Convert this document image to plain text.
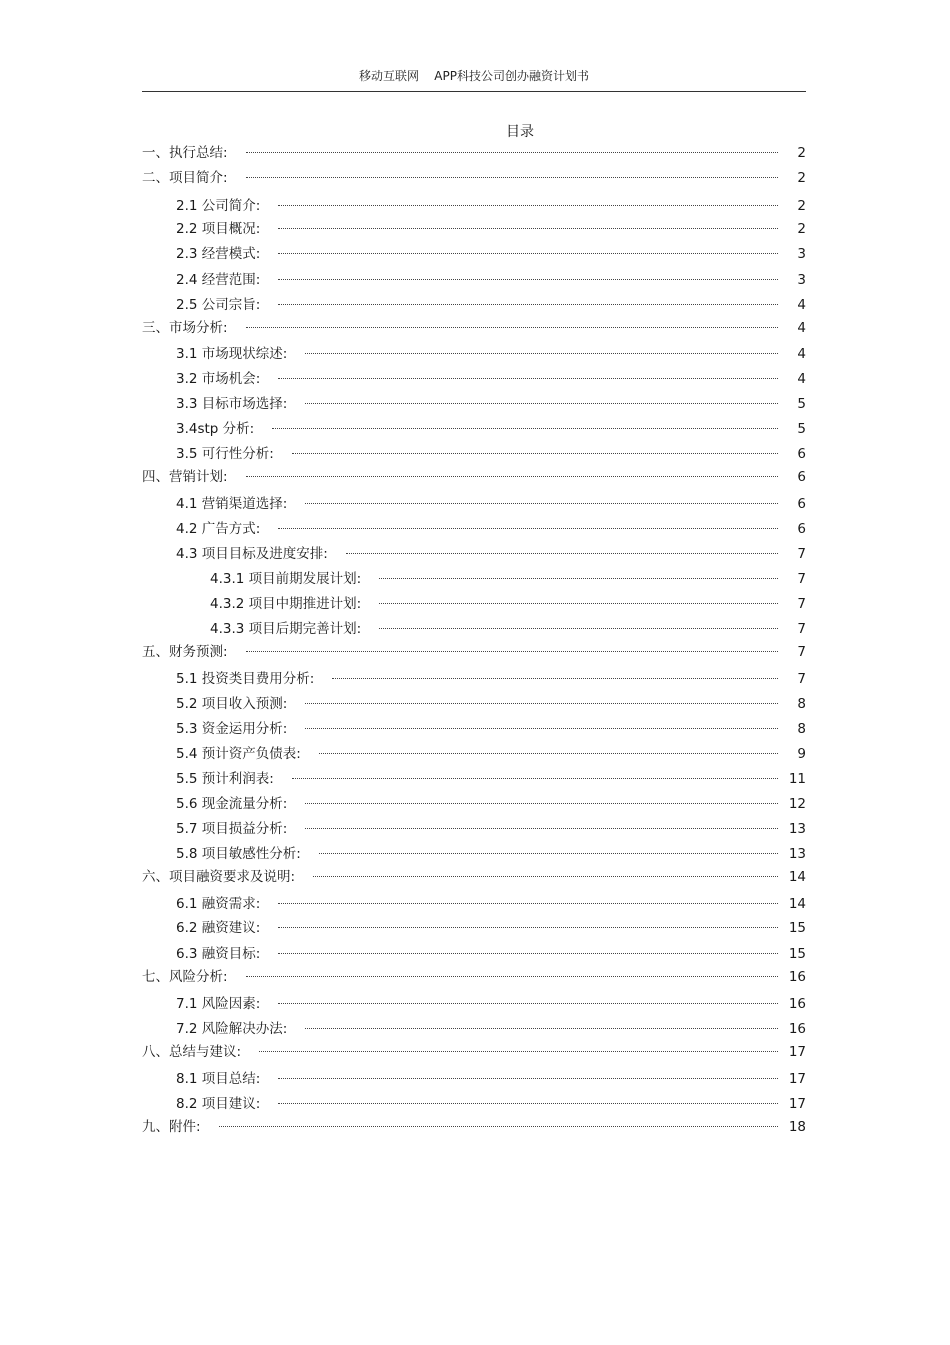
移动互联网    APP科技公司创办融资计划书
目录
一、执行总结:	2
二、项目简介:	2
2.1 公司简介:	2
2.2 项目概况:	2
2.3 经营模式:	3
2.4 经营范围:	3
2.5 公司宗旨:	4
三、市场分析:	4
3.1 市场现状综述:	4
3.2 市场机会:	4
3.3 目标市场选择:	5
3.4stp 分析:	5
3.5 可行性分析:	6
四、营销计划:	6
4.1 营销渠道选择:	6
4.2 广告方式:	6
4.3 项目目标及进度安排:	7
4.3.1 项目前期发展计划:	7
4.3.2 项目中期推进计划:	7
4.3.3 项目后期完善计划:	7
五、财务预测:	7
5.1 投资类目费用分析:	7
5.2 项目收入预测:	8
5.3 资金运用分析:	8
5.4 预计资产负债表:	9
5.5 预计利润表:	11
5.6 现金流量分析:	12
5.7 项目损益分析:	13
5.8 项目敏感性分析:	13
六、项目融资要求及说明:	14
6.1 融资需求:	14
6.2 融资建议:	15
6.3 融资目标:	15
七、风险分析:	16
7.1 风险因素:	16
7.2 风险解决办法:	16
八、总结与建议:	17
8.1 项目总结:	17
8.2 项目建议:	17
九、附件:	18
